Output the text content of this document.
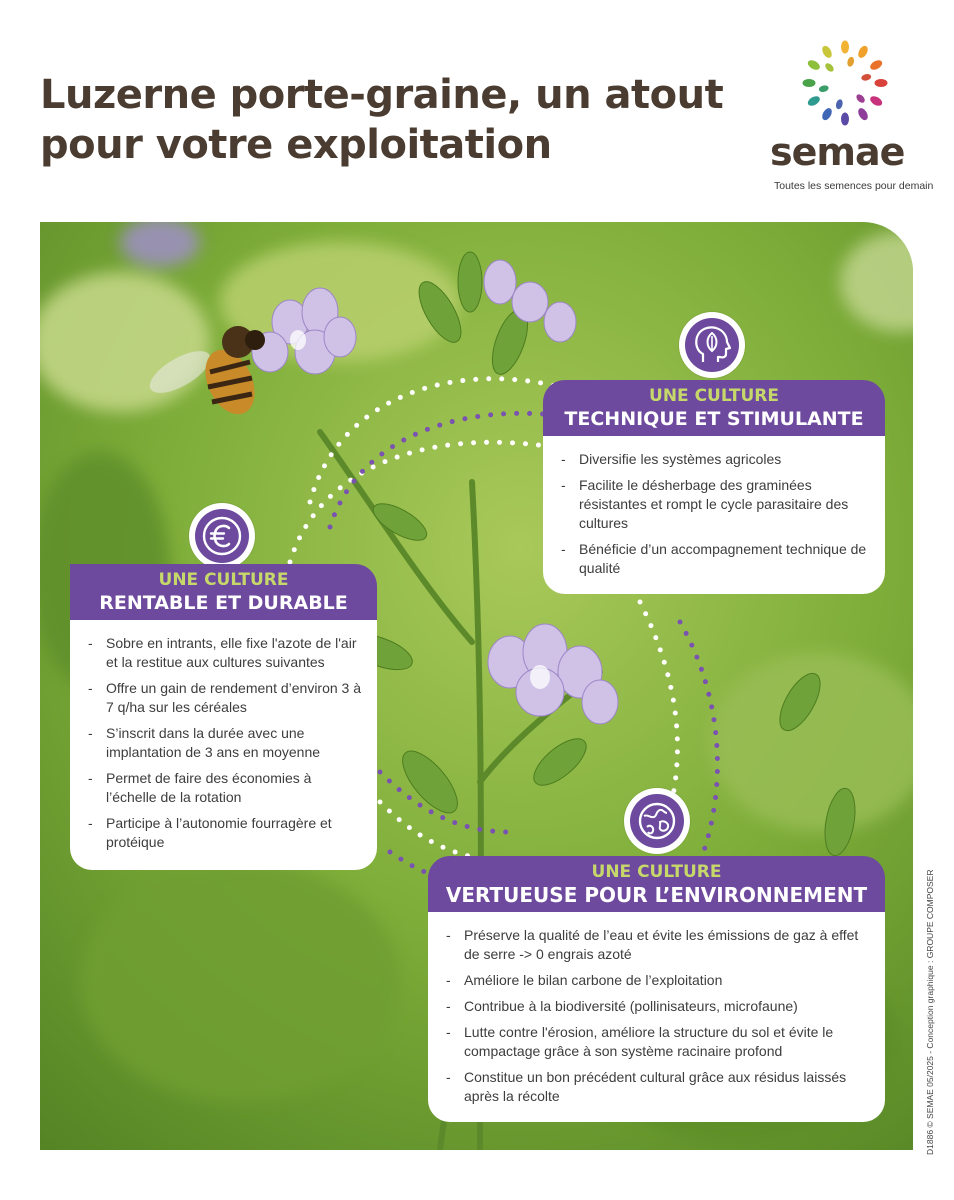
Luzerne porte-graine, un atout
pour votre exploitation	semae
Toutes les semences pour demain
D1886 © SEMAE 05/2025 - Conception graphique : GROUPE COMPOSER
UNE CULTURE
TECHNIQUE ET STIMULANTE
- Diversifie les systèmes agricoles
- Facilite le désherbage des graminées résistantes et rompt le cycle parasitaire des cultures
- Bénéficie d’un accompagnement technique de qualité
UNE CULTURE
RENTABLE ET DURABLE
- Sobre en intrants, elle fixe l'azote de l'air et la restitue aux cultures suivantes
- Offre un gain de rendement d’environ 3 à 7 q/ha sur les céréales
- S’inscrit dans la durée avec une implantation de 3 ans en moyenne
- Permet de faire des économies à l’échelle de la rotation
- Participe à l’autonomie fourragère et protéique
UNE CULTURE
VERTUEUSE POUR L’ENVIRONNEMENT
- Préserve la qualité de l’eau et évite les émissions de gaz à effet de serre -> 0 engrais azoté
- Améliore le bilan carbone de l’exploitation
- Contribue à la biodiversité (pollinisateurs, microfaune)
- Lutte contre l'érosion, améliore la structure du sol et évite le compactage grâce à son système racinaire profond
- Constitue un bon précédent cultural grâce aux résidus laissés après la récolte
